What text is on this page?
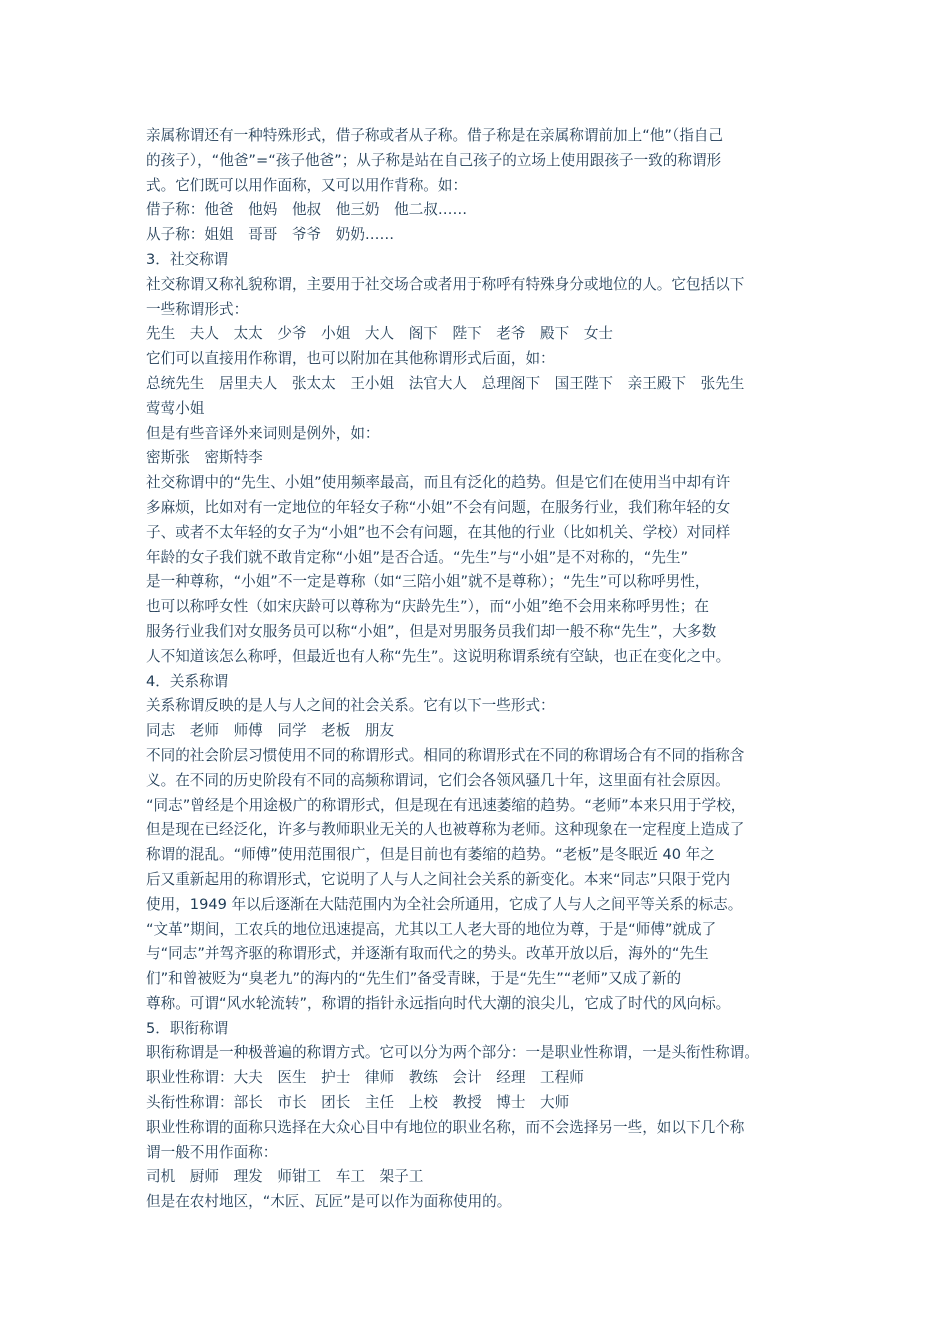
亲属称谓还有一种特殊形式，借子称或者从子称。借子称是在亲属称谓前加上“他”（指自己
的孩子），“他爸”=“孩子他爸”；从子称是站在自己孩子的立场上使用跟孩子一致的称谓形
式。它们既可以用作面称，又可以用作背称。如：
借子称：他爸　他妈　他叔　他三奶　他二叔……
从子称：姐姐　哥哥　爷爷　奶奶……
3．社交称谓
社交称谓又称礼貌称谓，主要用于社交场合或者用于称呼有特殊身分或地位的人。它包括以下
一些称谓形式：
先生　夫人　太太　少爷　小姐　大人　阁下　陛下　老爷　殿下　女士
它们可以直接用作称谓，也可以附加在其他称谓形式后面，如：
总统先生　居里夫人　张太太　王小姐　法官大人　总理阁下　国王陛下　亲王殿下　张先生
莺莺小姐
但是有些音译外来词则是例外，如：
密斯张　密斯特李
社交称谓中的“先生、小姐”使用频率最高，而且有泛化的趋势。但是它们在使用当中却有许
多麻烦，比如对有一定地位的年轻女子称“小姐”不会有问题，在服务行业，我们称年轻的女
子、或者不太年轻的女子为“小姐”也不会有问题，在其他的行业（比如机关、学校）对同样
年龄的女子我们就不敢肯定称“小姐”是否合适。“先生”与“小姐”是不对称的，“先生”
是一种尊称，“小姐”不一定是尊称（如“三陪小姐”就不是尊称）；“先生”可以称呼男性，
也可以称呼女性（如宋庆龄可以尊称为“庆龄先生”），而“小姐”绝不会用来称呼男性；在
服务行业我们对女服务员可以称“小姐”，但是对男服务员我们却一般不称“先生”，大多数
人不知道该怎么称呼，但最近也有人称“先生”。这说明称谓系统有空缺，也正在变化之中。
4．关系称谓
关系称谓反映的是人与人之间的社会关系。它有以下一些形式：
同志　老师　师傅　同学　老板　朋友
不同的社会阶层习惯使用不同的称谓形式。相同的称谓形式在不同的称谓场合有不同的指称含
义。在不同的历史阶段有不同的高频称谓词，它们会各领风骚几十年，这里面有社会原因。
“同志”曾经是个用途极广的称谓形式，但是现在有迅速萎缩的趋势。“老师”本来只用于学校，
但是现在已经泛化，许多与教师职业无关的人也被尊称为老师。这种现象在一定程度上造成了
称谓的混乱。“师傅”使用范围很广，但是目前也有萎缩的趋势。“老板”是冬眠近 40 年之
后又重新起用的称谓形式，它说明了人与人之间社会关系的新变化。本来“同志”只限于党内
使用，1949 年以后逐渐在大陆范围内为全社会所通用，它成了人与人之间平等关系的标志。
“文革”期间，工农兵的地位迅速提高，尤其以工人老大哥的地位为尊，于是“师傅”就成了
与“同志”并驾齐驱的称谓形式，并逐渐有取而代之的势头。改革开放以后，海外的“先生
们”和曾被贬为“臭老九”的海内的“先生们”备受青睐，于是“先生”“老师”又成了新的
尊称。可谓“风水轮流转”，称谓的指针永远指向时代大潮的浪尖儿，它成了时代的风向标。
5．职衔称谓
职衔称谓是一种极普遍的称谓方式。它可以分为两个部分：一是职业性称谓，一是头衔性称谓。
职业性称谓：大夫　医生　护士　律师　教练　会计　经理　工程师
头衔性称谓：部长　市长　团长　主任　上校　教授　博士　大师
职业性称谓的面称只选择在大众心目中有地位的职业名称，而不会选择另一些，如以下几个称
谓一般不用作面称：
司机　厨师　理发　师钳工　车工　架子工
但是在农村地区，“木匠、瓦匠”是可以作为面称使用的。
